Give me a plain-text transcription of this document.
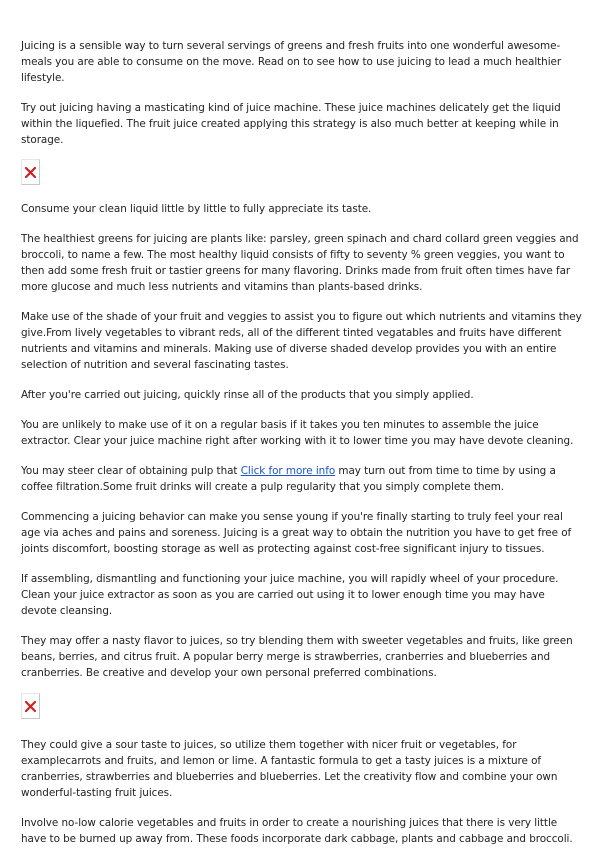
Juicing is a sensible way to turn several servings of greens and fresh fruits into one wonderful awesome-meals you are able to consume on the move. Read on to see how to use juicing to lead a much healthier lifestyle.

Try out juicing having a masticating kind of juice machine. These juice machines delicately get the liquid within the liquefied. The fruit juice created applying this strategy is also much better at keeping while in storage.

Consume your clean liquid little by little to fully appreciate its taste.

The healthiest greens for juicing are plants like: parsley, green spinach and chard collard green veggies and broccoli, to name a few. The most healthy liquid consists of fifty to seventy % green veggies, you want to then add some fresh fruit or tastier greens for many flavoring. Drinks made from fruit often times have far more glucose and much less nutrients and vitamins than plants-based drinks.

Make use of the shade of your fruit and veggies to assist you to figure out which nutrients and vitamins they give.From lively vegetables to vibrant reds, all of the different tinted vegatables and fruits have different nutrients and vitamins and minerals. Making use of diverse shaded develop provides you with an entire selection of nutrition and several fascinating tastes.

After you're carried out juicing, quickly rinse all of the products that you simply applied.

You are unlikely to make use of it on a regular basis if it takes you ten minutes to assemble the juice extractor. Clear your juice machine right after working with it to lower time you may have devote cleaning.

You may steer clear of obtaining pulp that Click for more info may turn out from time to time by using a coffee filtration.Some fruit drinks will create a pulp regularity that you simply complete them.

Commencing a juicing behavior can make you sense young if you're finally starting to truly feel your real age via aches and pains and soreness. Juicing is a great way to obtain the nutrition you have to get free of joints discomfort, boosting storage as well as protecting against cost-free significant injury to tissues.

If assembling, dismantling and functioning your juice machine, you will rapidly wheel of your procedure. Clean your juice extractor as soon as you are carried out using it to lower enough time you may have devote cleansing.

They may offer a nasty flavor to juices, so try blending them with sweeter vegetables and fruits, like green beans, berries, and citrus fruit. A popular berry merge is strawberries, cranberries and blueberries and cranberries. Be creative and develop your own personal preferred combinations.

They could give a sour taste to juices, so utilize them together with nicer fruit or vegetables, for examplecarrots and fruits, and lemon or lime. A fantastic formula to get a tasty juices is a mixture of cranberries, strawberries and blueberries and blueberries. Let the creativity flow and combine your own wonderful-tasting fruit juices.

Involve no-low calorie vegetables and fruits in order to create a nourishing juices that there is very little have to be burned up away from. These foods incorporate dark cabbage, plants and cabbage and broccoli.
